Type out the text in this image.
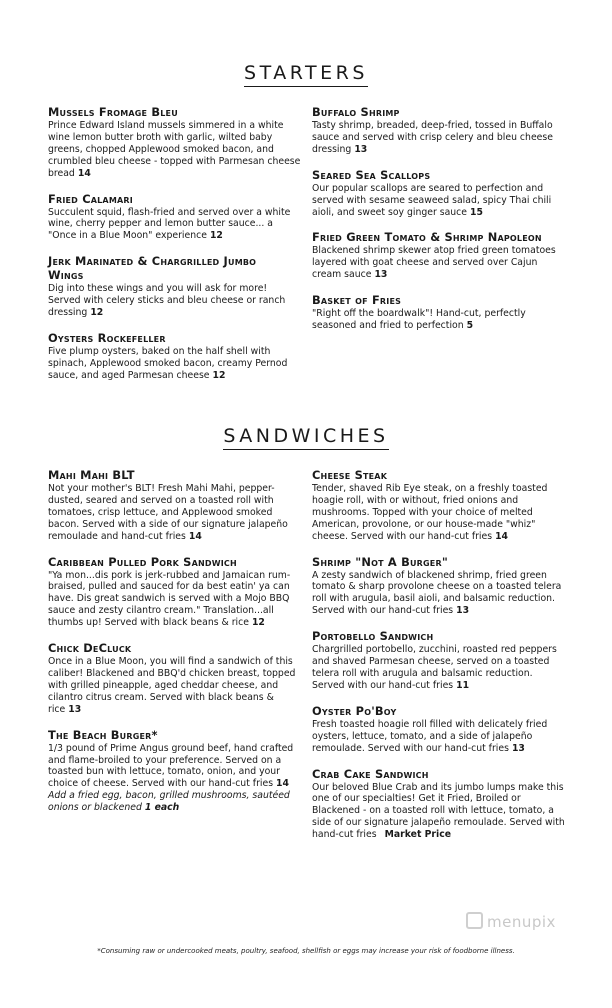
STARTERS
Mussels Fromage Bleu
Prince Edward Island mussels simmered in a white wine lemon butter broth with garlic, wilted baby greens, chopped Applewood smoked bacon, and crumbled bleu cheese - topped with Parmesan cheese bread 14
Fried Calamari
Succulent squid, flash-fried and served over a white wine, cherry pepper and lemon butter sauce... a "Once in a Blue Moon" experience 12
Jerk Marinated & Chargrilled Jumbo Wings
Dig into these wings and you will ask for more! Served with celery sticks and bleu cheese or ranch dressing 12
Oysters Rockefeller
Five plump oysters, baked on the half shell with spinach, Applewood smoked bacon, creamy Pernod sauce, and aged Parmesan cheese 12
Buffalo Shrimp
Tasty shrimp, breaded, deep-fried, tossed in Buffalo sauce and served with crisp celery and bleu cheese dressing 13
Seared Sea Scallops
Our popular scallops are seared to perfection and served with sesame seaweed salad, spicy Thai chili aioli, and sweet soy ginger sauce 15
Fried Green Tomato & Shrimp Napoleon
Blackened shrimp skewer atop fried green tomatoes layered with goat cheese and served over Cajun cream sauce 13
Basket of Fries
"Right off the boardwalk"! Hand-cut, perfectly seasoned and fried to perfection 5
SANDWICHES
Mahi Mahi BLT
Not your mother's BLT! Fresh Mahi Mahi, pepper-dusted, seared and served on a toasted roll with tomatoes, crisp lettuce, and Applewood smoked bacon. Served with a side of our signature jalapeño remoulade and hand-cut fries 14
Caribbean Pulled Pork Sandwich
"Ya mon...dis pork is jerk-rubbed and Jamaican rum-braised, pulled and sauced for da best eatin' ya can have. Dis great sandwich is served with a Mojo BBQ sauce and zesty cilantro cream." Translation...all thumbs up! Served with black beans & rice 12
Chick DeCluck
Once in a Blue Moon, you will find a sandwich of this caliber! Blackened and BBQ'd chicken breast, topped with grilled pineapple, aged cheddar cheese, and cilantro citrus cream. Served with black beans & rice 13
The Beach Burger*
1/3 pound of Prime Angus ground beef, hand crafted and flame-broiled to your preference. Served on a toasted bun with lettuce, tomato, onion, and your choice of cheese. Served with our hand-cut fries 14
Add a fried egg, bacon, grilled mushrooms, sautéed onions or blackened 1 each
Cheese Steak
Tender, shaved Rib Eye steak, on a freshly toasted hoagie roll, with or without, fried onions and mushrooms. Topped with your choice of melted American, provolone, or our house-made "whiz" cheese. Served with our hand-cut fries 14
Shrimp "Not A Burger"
A zesty sandwich of blackened shrimp, fried green tomato & sharp provolone cheese on a toasted telera roll with arugula, basil aioli, and balsamic reduction. Served with our hand-cut fries 13
Portobello Sandwich
Chargrilled portobello, zucchini, roasted red peppers and shaved Parmesan cheese, served on a toasted telera roll with arugula and balsamic reduction. Served with our hand-cut fries 11
Oyster Po'Boy
Fresh toasted hoagie roll filled with delicately fried oysters, lettuce, tomato, and a side of jalapeño remoulade. Served with our hand-cut fries 13
Crab Cake Sandwich
Our beloved Blue Crab and its jumbo lumps make this one of our specialties! Get it Fried, Broiled or Blackened - on a toasted roll with lettuce, tomato, a side of our signature jalapeño remoulade. Served with hand-cut fries Market Price
menupix
*Consuming raw or undercooked meats, poultry, seafood, shellfish or eggs may increase your risk of foodborne illness.
